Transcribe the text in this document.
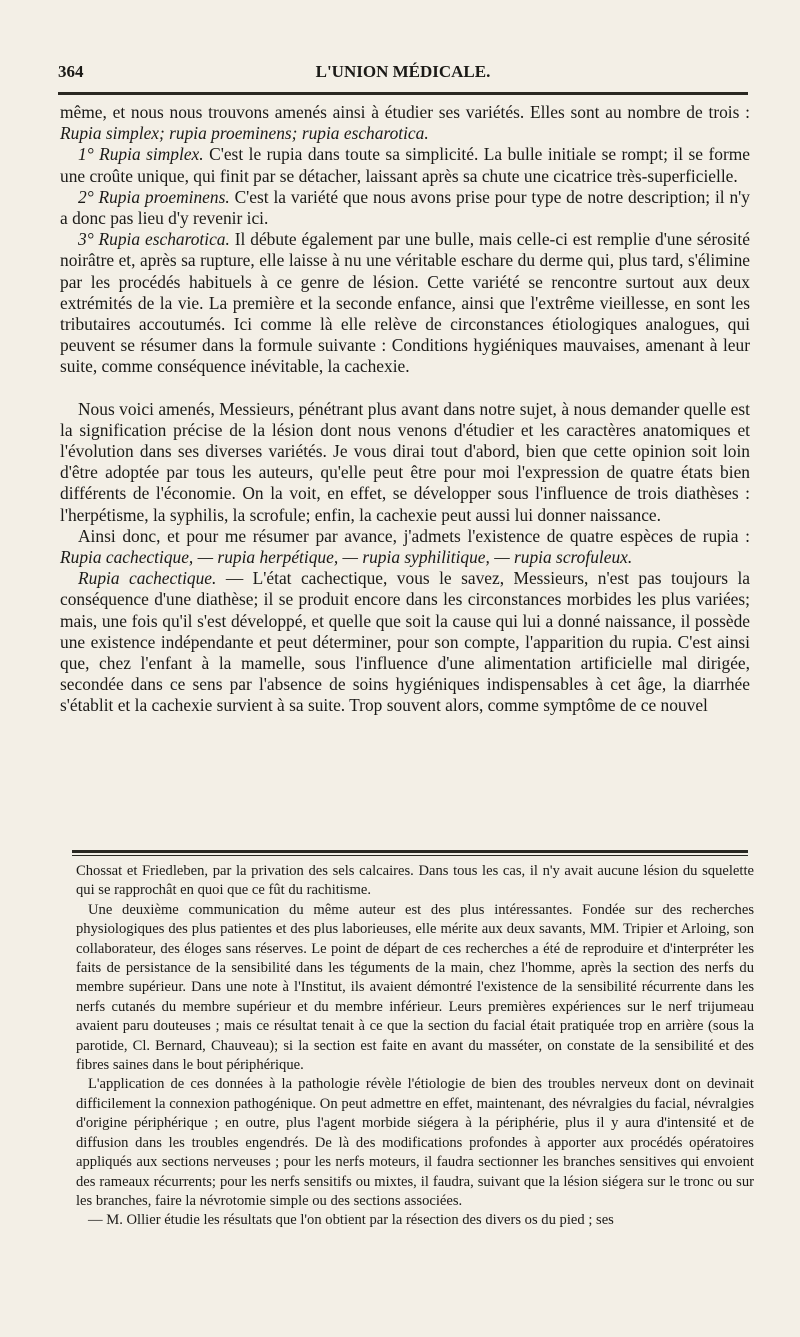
364	L'UNION MÉDICALE.

même, et nous nous trouvons amenés ainsi à étudier ses variétés. Elles sont au nombre de trois : Rupia simplex; rupia proeminens; rupia escharotica.

1° Rupia simplex. C'est le rupia dans toute sa simplicité. La bulle initiale se rompt; il se forme une croûte unique, qui finit par se détacher, laissant après sa chute une cicatrice très-superficielle.

2° Rupia proeminens. C'est la variété que nous avons prise pour type de notre description; il n'y a donc pas lieu d'y revenir ici.

3° Rupia escharotica. Il débute également par une bulle, mais celle-ci est remplie d'une sérosité noirâtre et, après sa rupture, elle laisse à nu une véritable eschare du derme qui, plus tard, s'élimine par les procédés habituels à ce genre de lésion. Cette variété se rencontre surtout aux deux extrémités de la vie. La première et la seconde enfance, ainsi que l'extrême vieillesse, en sont les tributaires accoutumés. Ici comme là elle relève de circonstances étiologiques analogues, qui peuvent se résumer dans la formule suivante : Conditions hygiéniques mauvaises, amenant à leur suite, comme conséquence inévitable, la cachexie.

Nous voici amenés, Messieurs, pénétrant plus avant dans notre sujet, à nous demander quelle est la signification précise de la lésion dont nous venons d'étudier et les caractères anatomiques et l'évolution dans ses diverses variétés. Je vous dirai tout d'abord, bien que cette opinion soit loin d'être adoptée par tous les auteurs, qu'elle peut être pour moi l'expression de quatre états bien différents de l'économie. On la voit, en effet, se développer sous l'influence de trois diathèses : l'herpétisme, la syphilis, la scrofule; enfin, la cachexie peut aussi lui donner naissance.

Ainsi donc, et pour me résumer par avance, j'admets l'existence de quatre espèces de rupia : Rupia cachectique, — rupia herpétique, — rupia syphilitique, — rupia scrofuleux.

Rupia cachectique. — L'état cachectique, vous le savez, Messieurs, n'est pas toujours la conséquence d'une diathèse; il se produit encore dans les circonstances morbides les plus variées; mais, une fois qu'il s'est développé, et quelle que soit la cause qui lui a donné naissance, il possède une existence indépendante et peut déterminer, pour son compte, l'apparition du rupia. C'est ainsi que, chez l'enfant à la mamelle, sous l'influence d'une alimentation artificielle mal dirigée, secondée dans ce sens par l'absence de soins hygiéniques indispensables à cet âge, la diarrhée s'établit et la cachexie survient à sa suite. Trop souvent alors, comme symptôme de ce nouvel

Chossat et Friedleben, par la privation des sels calcaires. Dans tous les cas, il n'y avait aucune lésion du squelette qui se rapprochât en quoi que ce fût du rachitisme.

Une deuxième communication du même auteur est des plus intéressantes. Fondée sur des recherches physiologiques des plus patientes et des plus laborieuses, elle mérite aux deux savants, MM. Tripier et Arloing, son collaborateur, des éloges sans réserves. Le point de départ de ces recherches a été de reproduire et d'interpréter les faits de persistance de la sensibilité dans les téguments de la main, chez l'homme, après la section des nerfs du membre supérieur. Dans une note à l'Institut, ils avaient démontré l'existence de la sensibilité récurrente dans les nerfs cutanés du membre supérieur et du membre inférieur. Leurs premières expériences sur le nerf trijumeau avaient paru douteuses ; mais ce résultat tenait à ce que la section du facial était pratiquée trop en arrière (sous la parotide, Cl. Bernard, Chauveau); si la section est faite en avant du masséter, on constate de la sensibilité et des fibres saines dans le bout périphérique.

L'application de ces données à la pathologie révèle l'étiologie de bien des troubles nerveux dont on devinait difficilement la connexion pathogénique. On peut admettre en effet, maintenant, des névralgies du facial, névralgies d'origine périphérique ; en outre, plus l'agent morbide siégera à la périphérie, plus il y aura d'intensité et de diffusion dans les troubles engendrés. De là des modifications profondes à apporter aux procédés opératoires appliqués aux sections nerveuses ; pour les nerfs moteurs, il faudra sectionner les branches sensitives qui envoient des rameaux récurrents; pour les nerfs sensitifs ou mixtes, il faudra, suivant que la lésion siégera sur le tronc ou sur les branches, faire la névrotomie simple ou des sections associées.

— M. Ollier étudie les résultats que l'on obtient par la résection des divers os du pied ; ses
